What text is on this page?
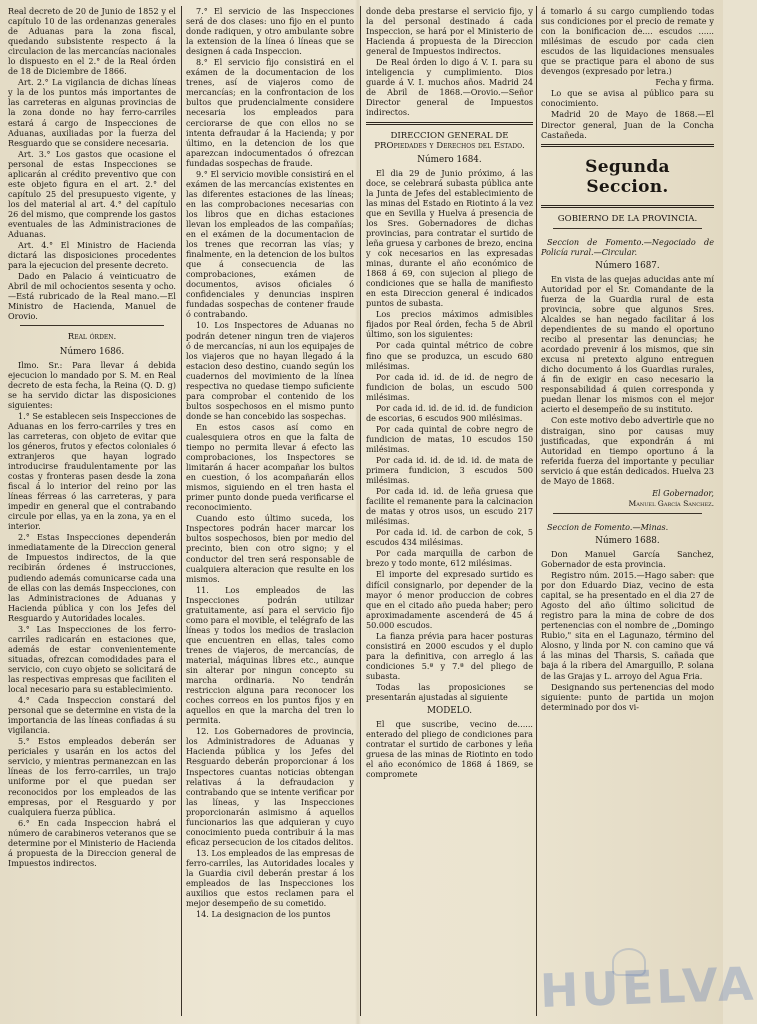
Real decreto de 20 de Junio de 1852 y el capítulo 10 de las ordenanzas generales de Aduanas para la zona fiscal, quedando subsistente respecto á la circulacion de las mercancías nacionales lo dispuesto en el 2.° de la Real órden de 18 de Diciembre de 1866.

Art. 2.° La vigilancia de dichas líneas y la de los puntos más importantes de las carreteras en algunas provincias de la zona donde no hay ferro-carriles estará á cargo de Inspecciones de Aduanas, auxiliadas por la fuerza del Resguardo que se considere necesaria.

Art. 3.° Los gastos que ocasione el personal de estas Inspecciones se aplicarán al crédito preventivo que con este objeto figura en el art. 2.° del capítulo 25 del presupuesto vigente, y los del material al art. 4.° del capítulo 26 del mismo, que comprende los gastos eventuales de las Administraciones de Aduanas.

Art. 4.° El Ministro de Hacienda dictará las disposiciones procedentes para la ejecucion del presente decreto.

Dado en Palacio á veinticuatro de Abril de mil ochocientos sesenta y ocho.—Está rubricado de la Real mano.—El Ministro de Hacienda, Manuel de Orovio.

Real órden.
Número 1686.

Ilmo. Sr.: Para llevar á debida ejecucion lo mandado por S. M. en Real decreto de esta fecha, la Reina (Q. D. g) se ha servido dictar las disposiciones siguientes:

1.° Se establecen seis Inspecciones de Aduanas en los ferro-carriles y tres en las carreteras, con objeto de evitar que los géneros, frutos y efectos coloniales ó extranjeros que hayan logrado introducirse fraudulentamente por las costas y fronteras pasen desde la zona fiscal á lo interior del reino por las líneas férreas ó las carreteras, y para impedir en general que el contrabando circule por ellas, ya en la zona, ya en el interior.

2.° Estas Inspecciones dependerán inmediatamente de la Direccion general de Impuestos indirectos, de la que recibirán órdenes é instrucciones, pudiendo además comunicarse cada una de ellas con las demás Inspecciones, con las Administraciones de Aduanas y Hacienda pública y con los Jefes del Resguardo y Autoridades locales.

3.° Las Inspecciones de los ferro-carriles radicarán en estaciones que, además de estar convenientemente situadas, ofrezcan comodidades para el servicio, con cuyo objeto se solicitará de las respectivas empresas que faciliten el local necesario para su establecimiento.

4.° Cada Inspeccion constará del personal que se determine en vista de la importancia de las líneas confiadas á su vigilancia.

5.° Estos empleados deberán ser periciales y usarán en los actos del servicio, y mientras permanezcan en las líneas de los ferro-carriles, un trajo uniforme por el que puedan ser reconocidos por los empleados de las empresas, por el Resguardo y por cualquiera fuerza pública.

6.° En cada Inspeccion habrá el número de carabineros veteranos que se determine por el Ministerio de Hacienda á propuesta de la Direccion general de Impuestos indirectos.

7.° El servicio de las Inspecciones será de dos clases: uno fijo en el punto donde radiquen, y otro ambulante sobre la extension de la línea ó líneas que se designen á cada Inspeccion.

8.° El servicio fijo consistirá en el exámen de la documentacion de los trenes, así de viajeros como de mercancías; en la confrontacion de los bultos que prudencialmente considere necesaria los empleados para cerciorarse de que con ellos no se intenta defraudar á la Hacienda; y por último, en la detencion de los que aparezcan indocumentados ó ofrezcan fundadas sospechas de fraude.

9.° El servicio movible consistirá en el exámen de las mercancías existentes en las diferentes estaciones de las líneas; en las comprobaciones necesarias con los libros que en dichas estaciones llevan los empleados de las compañías; en el exámen de la documentacion de los trenes que recorran las vías; y finalmente, en la detencion de los bultos que á consecuencia de las comprobaciones, exámen de documentos, avisos oficiales ó confidenciales y denuncias inspiren fundadas sospechas de contener fraude ó contrabando.

10. Los Inspectores de Aduanas no podrán detener ningun tren de viajeros ó de mercancías, ni aun los equipajes de los viajeros que no hayan llegado á la estacion deso destino, cuando según los cuadernos del movimiento de la línea respectiva no quedase tiempo suficiente para comprobar el contenido de los bultos sospechosos en el mismo punto donde se han concebido las sospechas.

En estos casos así como en cualesquiera otros en que la falta de tiempo no permita llevar á efecto las comprobaciones, los Inspectores se limitarán á hacer acompañar los bultos en cuestion, ó los acompañarán ellos mismos, siguiendo en el tren hasta el primer punto donde pueda verificarse el reconocimiento.

Cuando esto último suceda, los Inspectores podrán hacer marcar los bultos sospechosos, bien por medio del precinto, bien con otro signo; y el conductor del tren será responsable de cualquiera alteracion que resulte en los mismos.

11. Los empleados de las Inspecciones podrán utilizar gratuitamente, así para el servicio fijo como para el movible, el telégrafo de las líneas y todos los medios de traslacion que encuentren en ellas, tales como trenes de viajeros, de mercancías, de material, máquinas libres etc., aunque sin alterar por ningun concepto su marcha ordinaria. No tendrán restriccion alguna para reconocer los coches correos en los puntos fijos y en aquellos en que la marcha del tren lo permita.

12. Los Gobernadores de provincia, los Administradores de Aduanas y Hacienda pública y los Jefes del Resguardo deberán proporcionar á los Inspectores cuantas noticias obtengan relativas á la defraudacion y contrabando que se intente verificar por las líneas, y las Inspecciones proporcionarán asimismo á aquellos funcionarios las que adquieran y cuyo conocimiento pueda contribuir á la mas eficaz persecucion de los citados delitos.

13. Los empleados de las empresas de ferro-carriles, las Autoridades locales y la Guardia civil deberán prestar á los empleados de las Inspecciones los auxilios que estos reclamen para el mejor desempeño de su cometido.

14. La designacion de los puntos

donde deba prestarse el servicio fijo, y la del personal destinado á cada Inspeccion, se hará por el Ministerio de Hacienda á propuesta de la Direccion general de Impuestos indirectos.

De Real órden lo digo á V. I. para su inteligencia y cumplimiento. Dios guarde á V. I. muchos años. Madrid 24 de Abril de 1868.—Orovio.—Señor Director general de Impuestos indirectos.

DIRECCION GENERAL DE PROpiedades y Derechos del Estado.
Número 1684.

El dia 29 de Junio próximo, á las doce, se celebrará subasta pública ante la Junta de Jefes del establecimiento de las minas del Estado en Riotinto á la vez que en Sevilla y Huelva á presencia de los Sres. Gobernadores de dichas provincias, para contratar el surtido de leña gruesa y carbones de brezo, encina y cok necesarios en las expresadas minas, durante el año económico de 1868 á 69, con sujecion al pliego de condiciones que se halla de manifiesto en esta Direccion general é indicados puntos de subasta.

Los precios máximos admisibles fijados por Real órden, fecha 5 de Abril último, son los siguientes:

Por cada quintal métrico de cobre fino que se produzca, un escudo 680 milésimas.

Por cada id. id. de id. de negro de fundicion de bolas, un escudo 500 milésimas.

Por cada id. id. de id. id. de fundicion de escorias, 6 escudos 900 milésimas.

Por cada quintal de cobre negro de fundicion de matas, 10 escudos 150 milésimas.

Por cada id. id. de id. id. de mata de primera fundicion, 3 escudos 500 milésimas.

Por cada id. id. de leña gruesa que facilite el remanente para la calcinacion de matas y otros usos, un escudo 217 milésimas.

Por cada id. id. de carbon de cok, 5 escudos 434 milésimas.

Por cada marquilla de carbon de brezo y todo monte, 612 milésimas.

El importe del expresado surtido es difícil consignarlo, por depender de la mayor ó menor produccion de cobres que en el citado año pueda haber; pero aproximadamente ascenderá de 45 á 50.000 escudos.

La fianza prévia para hacer posturas consistirá en 2000 escudos y el duplo para la definitiva, con arreglo á las condiciones 5.ª y 7.ª del pliego de subasta.

Todas las proposiciones se presentarán ajustadas al siguiente

MODELO.

El que suscribe, vecino de...... enterado del pliego de condiciones para contratar el surtido de carbones y leña gruesa de las minas de Riotinto en todo el año económico de 1868 á 1869, se compromete

á tomarlo á su cargo cumpliendo todas sus condiciones por el precio de remate y con la bonificacion de.... escudos ...... milésimas de escudo por cada cien escudos de las liquidaciones mensuales que se practique para el abono de sus devengos (expresado por letra.)

Fecha y firma.

Lo que se avisa al público para su conocimiento.

Madrid 20 de Mayo de 1868.—El Director general, Juan de la Concha Castañeda.

Segunda Seccion.
GOBIERNO DE LA PROVINCIA.

Seccion de Fomento.—Negociado de Policía rural.—Circular.

Número 1687.

En vista de las quejas aducidas ante mí Autoridad por el Sr. Comandante de la fuerza de la Guardia rural de esta provincia, sobre que algunos Sres. Alcaldes se han negado facilitar á los dependientes de su mando el oportuno recibo al presentar las denuncias; he acordado prevenir á los mismos, que sin excusa ni pretexto alguno entreguen dicho documento á los Guardias rurales, á fin de exigir en caso necesario la responsabilidad á quien corresponda y puedan llenar los mismos con el mejor acierto el desempeño de su instituto.

Con este motivo debo advertirle que no distraigan, sino por causas muy justificadas, que expondrán á mi Autoridad en tiempo oportuno á la referida fuerza del importante y peculiar servicio á que están dedicados. Huelva 23 de Mayo de 1868.

El Gobernador,

Manuel García Sanchez.

Seccion de Fomento.—Minas.

Número 1688.

Don Manuel García Sanchez, Gobernador de esta provincia.

Registro núm. 2015.—Hago saber: que por don Eduardo Diaz, vecino de esta capital, se ha presentado en el dia 27 de Agosto del año último solicitud de registro para la mina de cobre de dos pertenencias con el nombre de ,,Domingo Rubio," sita en el Lagunazo, término del Alosno, y linda por N. con camino que vá á las minas del Tharsis, S. cañada que baja á la ribera del Amarguillo, P. solana de las Grajas y L. arroyo del Agua Fria.

Designando sus pertenencias del modo siguiente: punto de partida un mojon determinado por dos vi-

HUELVA
